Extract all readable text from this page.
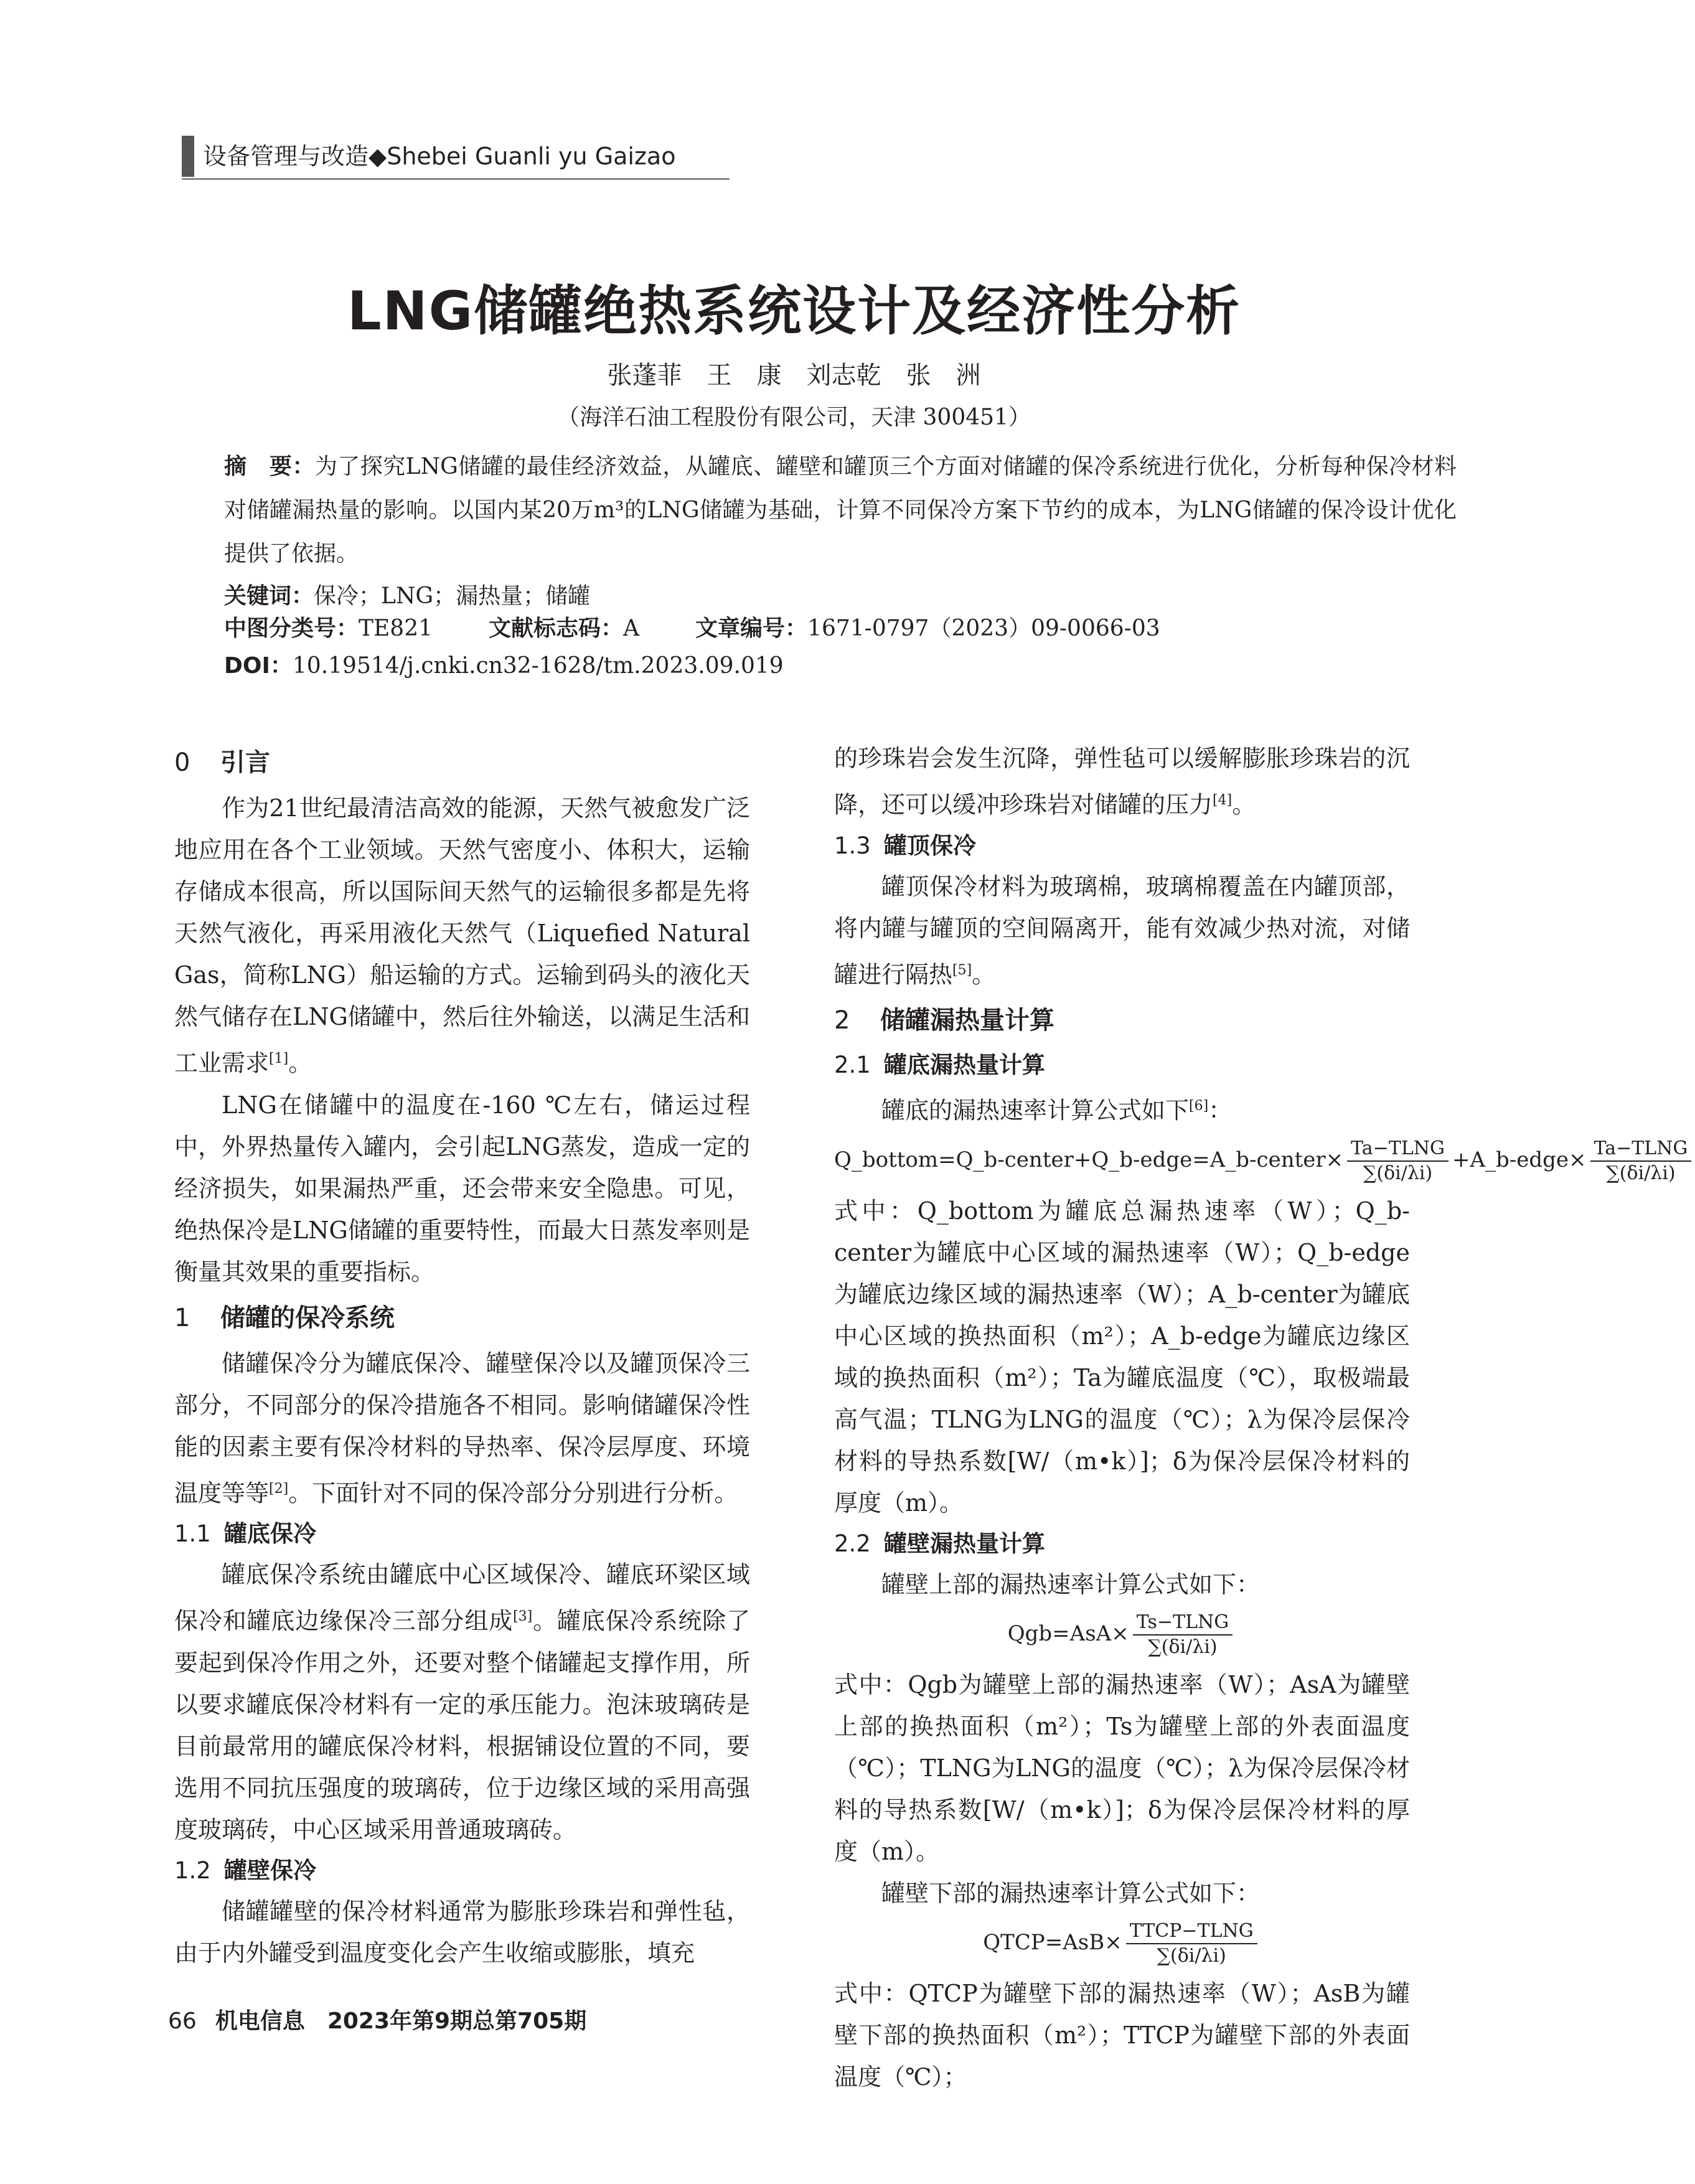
设备管理与改造◆Shebei Guanli yu Gaizao
LNG储罐绝热系统设计及经济性分析
张蓬菲　王　康　刘志乾　张　洲
（海洋石油工程股份有限公司，天津 300451）
摘　要：为了探究LNG储罐的最佳经济效益，从罐底、罐壁和罐顶三个方面对储罐的保冷系统进行优化，分析每种保冷材料对储罐漏热量的影响。以国内某20万m³的LNG储罐为基础，计算不同保冷方案下节约的成本，为LNG储罐的保冷设计优化提供了依据。
关键词：保冷；LNG；漏热量；储罐
中图分类号：TE821	文献标志码：A	文章编号：1671-0797（2023）09-0066-03
DOI：10.19514/j.cnki.cn32-1628/tm.2023.09.019
0 引言

作为21世纪最清洁高效的能源，天然气被愈发广泛地应用在各个工业领域。天然气密度小、体积大，运输存储成本很高，所以国际间天然气的运输很多都是先将天然气液化，再采用液化天然气（Liquefied Natural Gas，简称LNG）船运输的方式。运输到码头的液化天然气储存在LNG储罐中，然后往外输送，以满足生活和工业需求[1]。

LNG在储罐中的温度在-160 ℃左右，储运过程中，外界热量传入罐内，会引起LNG蒸发，造成一定的经济损失，如果漏热严重，还会带来安全隐患。可见，绝热保冷是LNG储罐的重要特性，而最大日蒸发率则是衡量其效果的重要指标。

1 储罐的保冷系统

储罐保冷分为罐底保冷、罐壁保冷以及罐顶保冷三部分，不同部分的保冷措施各不相同。影响储罐保冷性能的因素主要有保冷材料的导热率、保冷层厚度、环境温度等等[2]。下面针对不同的保冷部分分别进行分析。

1.1 罐底保冷

罐底保冷系统由罐底中心区域保冷、罐底环梁区域保冷和罐底边缘保冷三部分组成[3]。罐底保冷系统除了要起到保冷作用之外，还要对整个储罐起支撑作用，所以要求罐底保冷材料有一定的承压能力。泡沫玻璃砖是目前最常用的罐底保冷材料，根据铺设位置的不同，要选用不同抗压强度的玻璃砖，位于边缘区域的采用高强度玻璃砖，中心区域采用普通玻璃砖。

1.2 罐壁保冷

储罐罐壁的保冷材料通常为膨胀珍珠岩和弹性毡，由于内外罐受到温度变化会产生收缩或膨胀，填充

的珍珠岩会发生沉降，弹性毡可以缓解膨胀珍珠岩的沉降，还可以缓冲珍珠岩对储罐的压力[4]。

1.3 罐顶保冷

罐顶保冷材料为玻璃棉，玻璃棉覆盖在内罐顶部，将内罐与罐顶的空间隔离开，能有效减少热对流，对储罐进行隔热[5]。

2 储罐漏热量计算
2.1 罐底漏热量计算

罐底的漏热速率计算公式如下[6]：

Q_bottom=Q_b-center+Q_b-edge=A_b-center× $\frac{\text{Ta−TLNG}}{\sum(\delta i/\lambda i)}$ +A_b-edge× $\frac{\text{Ta−TLNG}}{\sum(\delta i/\lambda i)}$

式中：Q_bottom为罐底总漏热速率（W）；Q_b-center为罐底中心区域的漏热速率（W）；Q_b-edge为罐底边缘区域的漏热速率（W）；A_b-center为罐底中心区域的换热面积（m²）；A_b-edge为罐底边缘区域的换热面积（m²）；Ta为罐底温度（℃），取极端最高气温；TLNG为LNG的温度（℃）；λ为保冷层保冷材料的导热系数[W/（m•k）]；δ为保冷层保冷材料的厚度（m）。

2.2 罐壁漏热量计算

罐壁上部的漏热速率计算公式如下：

$Qgb=AsA\times \frac{\text{Ts−TLNG}}{\sum(\delta i/\lambda i)}$

式中：Qgb为罐壁上部的漏热速率（W）；AsA为罐壁上部的换热面积（m²）；Ts为罐壁上部的外表面温度（℃）；TLNG为LNG的温度（℃）；λ为保冷层保冷材料的导热系数[W/（m•k）]；δ为保冷层保冷材料的厚度（m）。

罐壁下部的漏热速率计算公式如下：

QTCP=AsB× $\frac{\text{TTCP−TLNG}}{\sum(\delta i/\lambda i)}$

式中：QTCP为罐壁下部的漏热速率（W）；AsB为罐壁下部的换热面积（m²）；TTCP为罐壁下部的外表面温度（℃）；

66 机电信息　2023年第9期总第705期
